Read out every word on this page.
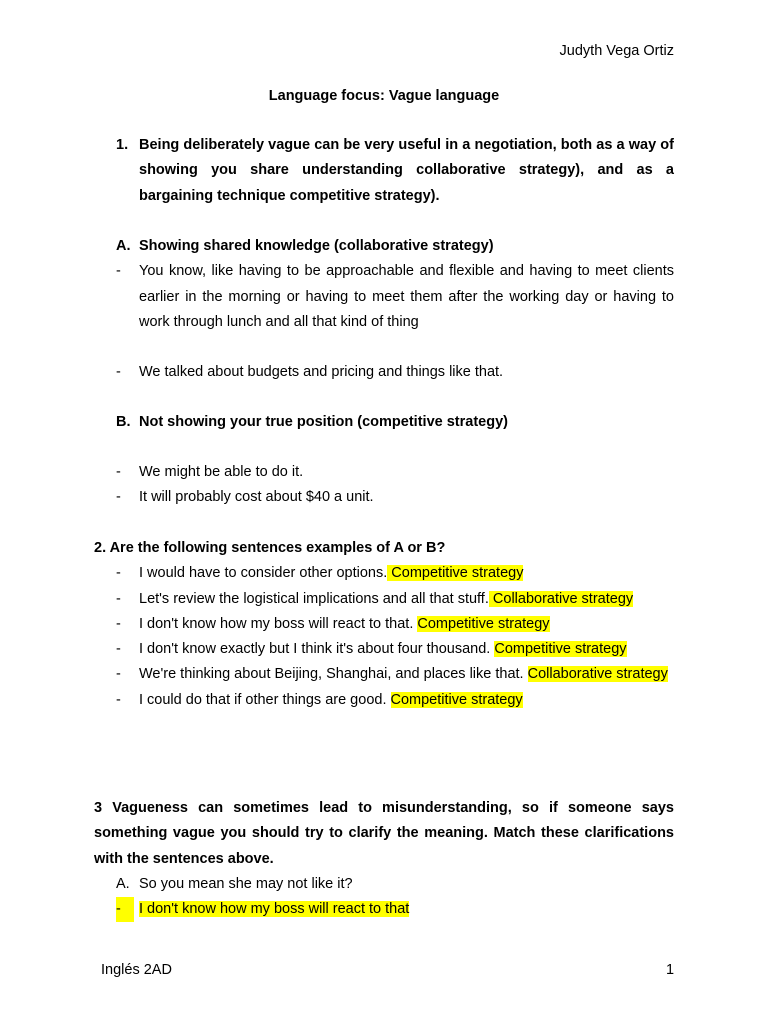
Judyth Vega Ortiz
Language focus: Vague language
1. Being deliberately vague can be very useful in a negotiation, both as a way of showing you share understanding collaborative strategy), and as a bargaining technique competitive strategy).
A. Showing shared knowledge (collaborative strategy)
-	You know, like having to be approachable and flexible and having to meet clients earlier in the morning or having to meet them after the working day or having to work through lunch and all that kind of thing
-	We talked about budgets and pricing and things like that.
B. Not showing your true position (competitive strategy)
-	We might be able to do it.
-	It will probably cost about $40 a unit.
2. Are the following sentences examples of A or B?
-	I would have to consider other options. Competitive strategy
-	Let's review the logistical implications and all that stuff. Collaborative strategy
-	I don't know how my boss will react to that. Competitive strategy
-	I don't know exactly but I think it's about four thousand. Competitive strategy
-	We're thinking about Beijing, Shanghai, and places like that. Collaborative strategy
-	I could do that if other things are good. Competitive strategy
3 Vagueness can sometimes lead to misunderstanding, so if someone says something vague you should try to clarify the meaning. Match these clarifications with the sentences above.
A. So you mean she may not like it?
-	I don't know how my boss will react to that
Inglés 2AD	1
